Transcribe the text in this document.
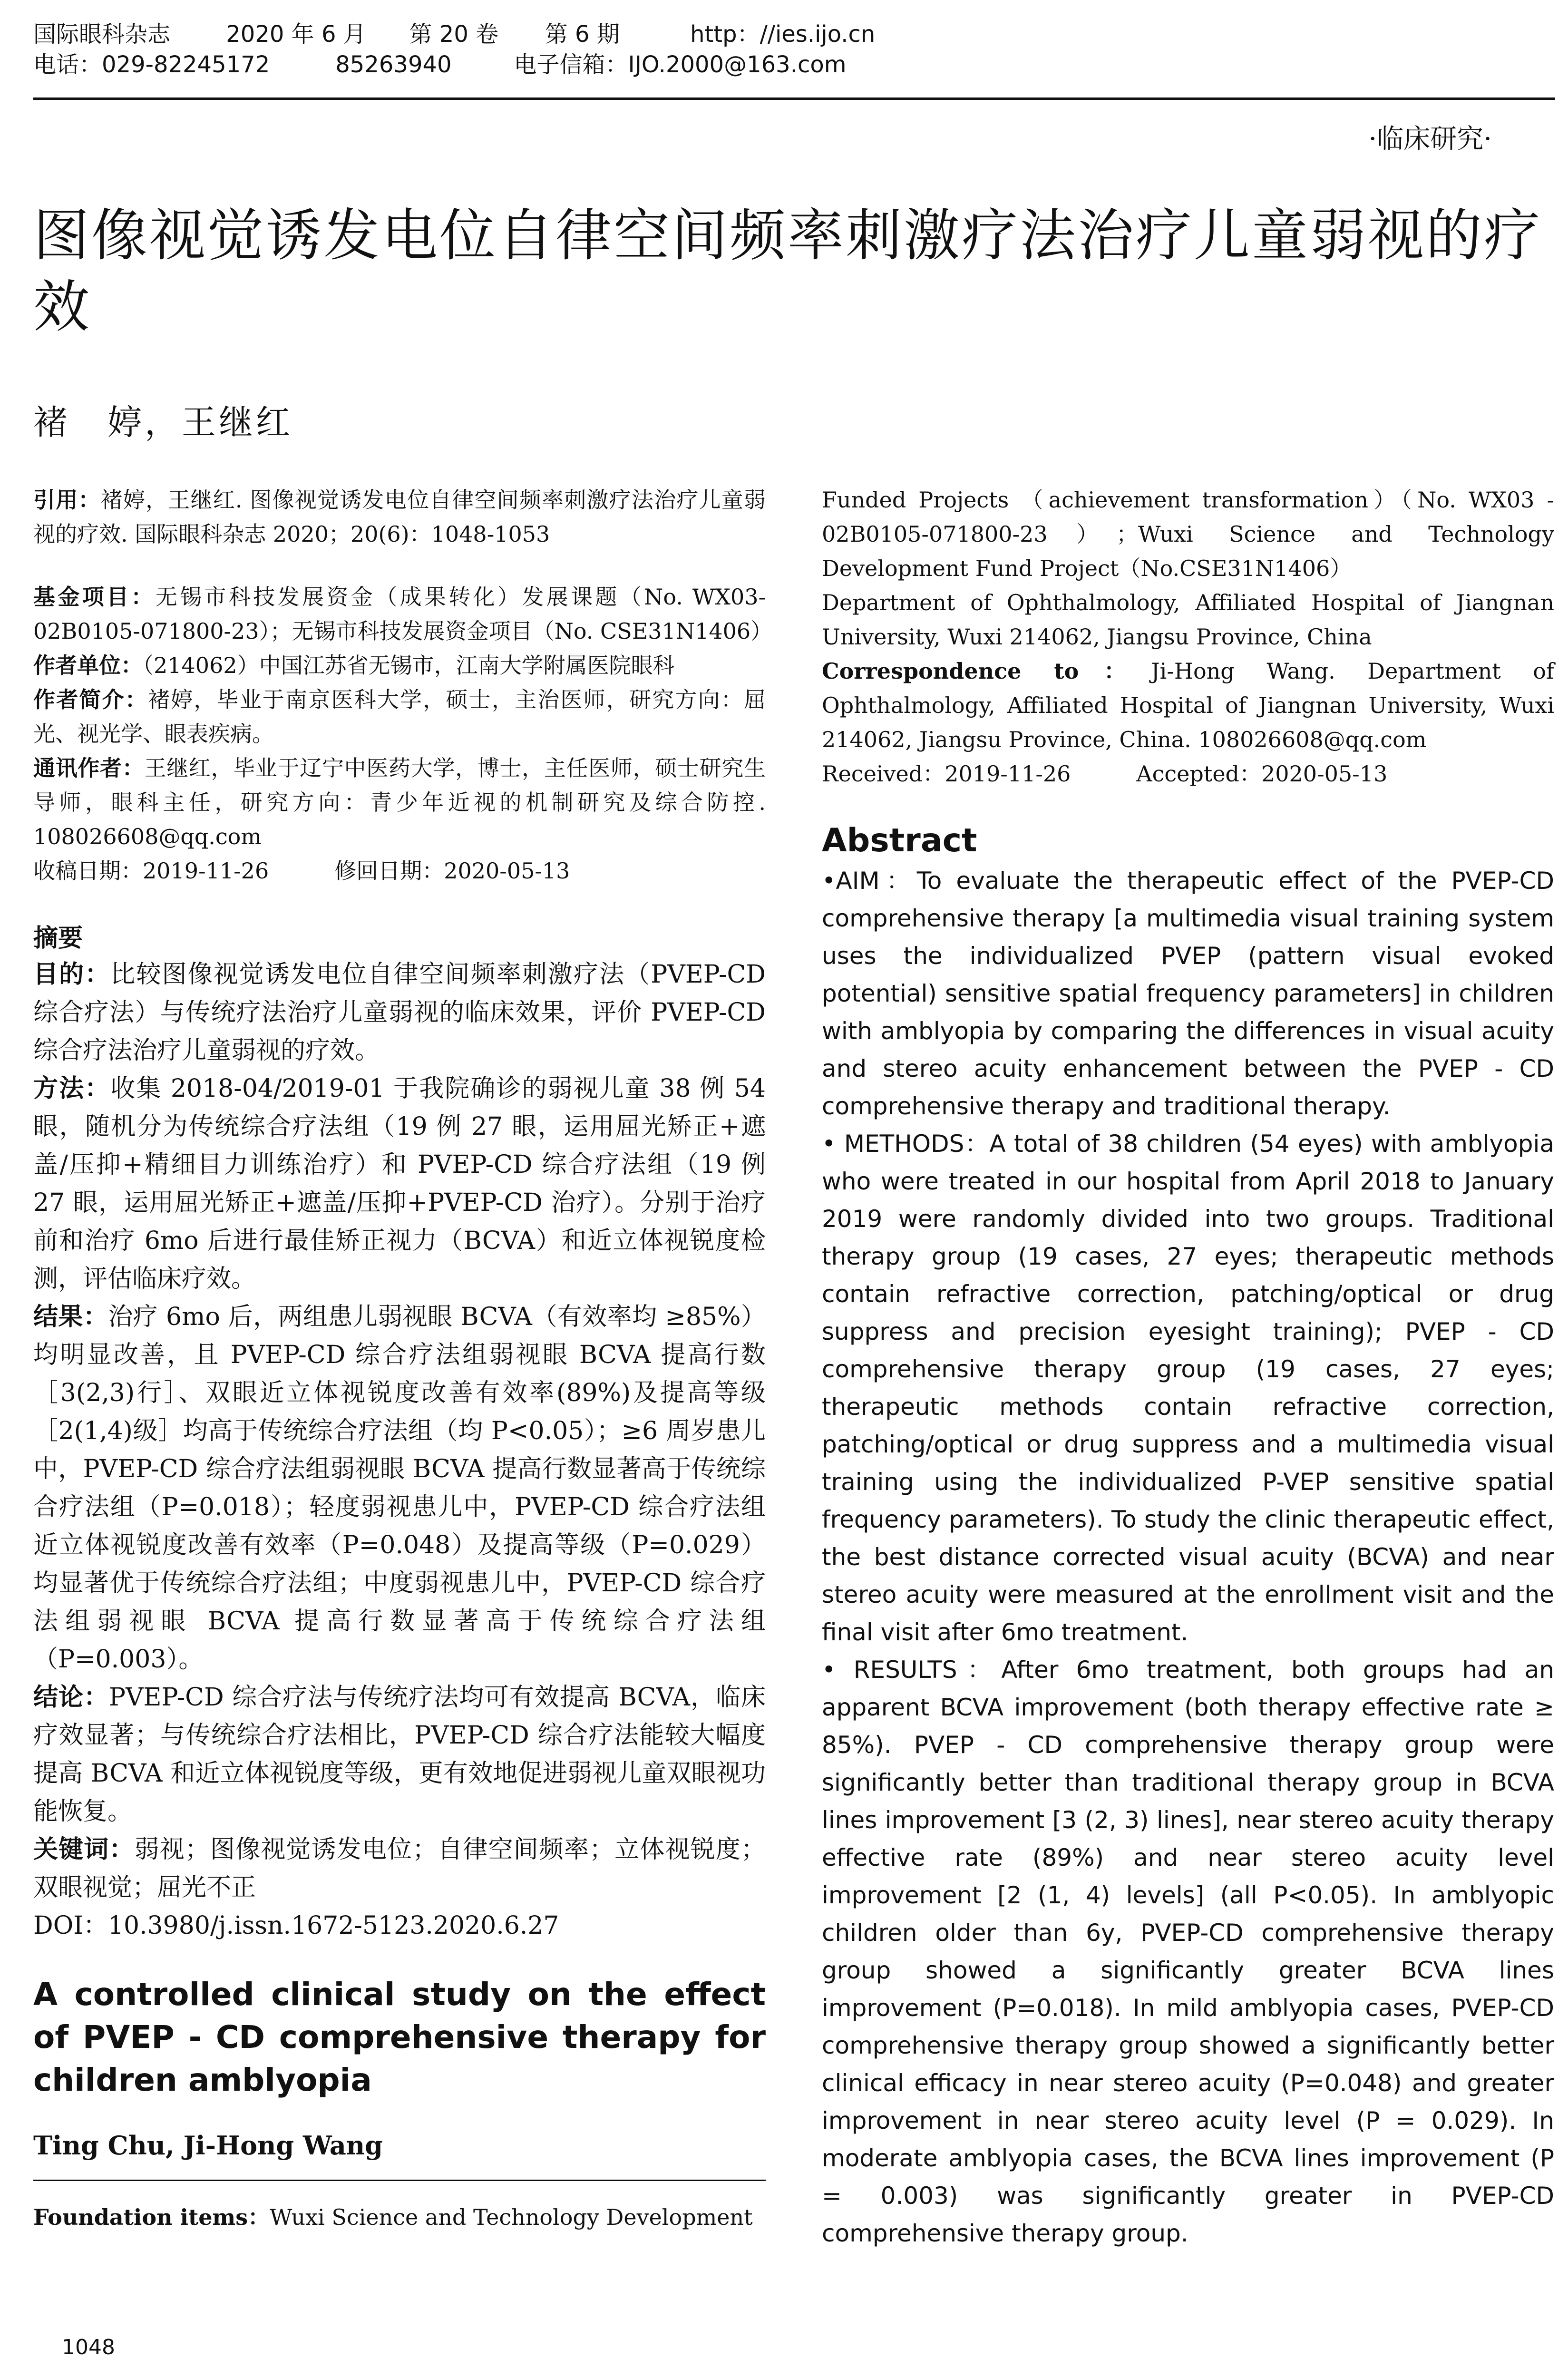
国际眼科杂志 2020 年 6 月 第 20 卷 第 6 期	http：//ies.ijo.cn
电话：029-82245172	85263940	电子信箱：IJO.2000@163.com
·临床研究·
图像视觉诱发电位自律空间频率刺激疗法治疗儿童弱视的疗效
褚　婷，王继红

引用：褚婷，王继红. 图像视觉诱发电位自律空间频率刺激疗法治疗儿童弱视的疗效. 国际眼科杂志 2020；20(6)：1048-1053

基金项目：无锡市科技发展资金（成果转化）发展课题（No. WX03-02B0105-071800-23）；无锡市科技发展资金项目（No. CSE31N1406）

作者单位：（214062）中国江苏省无锡市，江南大学附属医院眼科

作者简介：褚婷，毕业于南京医科大学，硕士，主治医师，研究方向：屈光、视光学、眼表疾病。

通讯作者：王继红，毕业于辽宁中医药大学，博士，主任医师，硕士研究生导师，眼科主任，研究方向：青少年近视的机制研究及综合防控. 108026608@qq.com

收稿日期：2019-11-26　　　修回日期：2020-05-13

摘要

目的：比较图像视觉诱发电位自律空间频率刺激疗法（PVEP-CD 综合疗法）与传统疗法治疗儿童弱视的临床效果，评价 PVEP-CD 综合疗法治疗儿童弱视的疗效。

方法：收集 2018-04/2019-01 于我院确诊的弱视儿童 38 例 54 眼，随机分为传统综合疗法组（19 例 27 眼，运用屈光矫正+遮盖/压抑+精细目力训练治疗）和 PVEP-CD 综合疗法组（19 例 27 眼，运用屈光矫正+遮盖/压抑+PVEP-CD 治疗）。分别于治疗前和治疗 6mo 后进行最佳矫正视力（BCVA）和近立体视锐度检测，评估临床疗效。

结果：治疗 6mo 后，两组患儿弱视眼 BCVA（有效率均 ≥85%）均明显改善，且 PVEP-CD 综合疗法组弱视眼 BCVA 提高行数［3(2,3)行］、双眼近立体视锐度改善有效率(89%)及提高等级［2(1,4)级］均高于传统综合疗法组（均 P<0.05）；≥6 周岁患儿中，PVEP-CD 综合疗法组弱视眼 BCVA 提高行数显著高于传统综合疗法组（P=0.018）；轻度弱视患儿中，PVEP-CD 综合疗法组近立体视锐度改善有效率（P=0.048）及提高等级（P=0.029）均显著优于传统综合疗法组；中度弱视患儿中，PVEP-CD 综合疗法组弱视眼 BCVA 提高行数显著高于传统综合疗法组（P=0.003）。

结论：PVEP-CD 综合疗法与传统疗法均可有效提高 BCVA，临床疗效显著；与传统综合疗法相比，PVEP-CD 综合疗法能较大幅度提高 BCVA 和近立体视锐度等级，更有效地促进弱视儿童双眼视功能恢复。

关键词：弱视；图像视觉诱发电位；自律空间频率；立体视锐度；双眼视觉；屈光不正

DOI：10.3980/j.issn.1672-5123.2020.6.27

A controlled clinical study on the effect of PVEP - CD comprehensive therapy for children amblyopia
Ting Chu, Ji-Hong Wang
Foundation items：Wuxi Science and Technology Development

Funded Projects （achievement transformation）（No. WX03 - 02B0105-071800-23）；Wuxi Science and Technology Development Fund Project（No.CSE31N1406）

Department of Ophthalmology, Affiliated Hospital of Jiangnan University, Wuxi 214062, Jiangsu Province, China

Correspondence to：Ji-Hong Wang. Department of Ophthalmology, Affiliated Hospital of Jiangnan University, Wuxi 214062, Jiangsu Province, China. 108026608@qq.com

Received：2019-11-26　　　Accepted：2020-05-13

Abstract

•AIM：To evaluate the therapeutic effect of the PVEP-CD comprehensive therapy [a multimedia visual training system uses the individualized PVEP (pattern visual evoked potential) sensitive spatial frequency parameters] in children with amblyopia by comparing the differences in visual acuity and stereo acuity enhancement between the PVEP - CD comprehensive therapy and traditional therapy.

• METHODS：A total of 38 children (54 eyes) with amblyopia who were treated in our hospital from April 2018 to January 2019 were randomly divided into two groups. Traditional therapy group (19 cases, 27 eyes; therapeutic methods contain refractive correction, patching/optical or drug suppress and precision eyesight training); PVEP - CD comprehensive therapy group (19 cases, 27 eyes; therapeutic methods contain refractive correction, patching/optical or drug suppress and a multimedia visual training using the individualized P-VEP sensitive spatial frequency parameters). To study the clinic therapeutic effect, the best distance corrected visual acuity (BCVA) and near stereo acuity were measured at the enrollment visit and the final visit after 6mo treatment.

• RESULTS：After 6mo treatment, both groups had an apparent BCVA improvement (both therapy effective rate ≥ 85%). PVEP - CD comprehensive therapy group were significantly better than traditional therapy group in BCVA lines improvement [3 (2, 3) lines], near stereo acuity therapy effective rate (89%) and near stereo acuity level improvement [2 (1, 4) levels] (all P<0.05). In amblyopic children older than 6y, PVEP-CD comprehensive therapy group showed a significantly greater BCVA lines improvement (P=0.018). In mild amblyopia cases, PVEP-CD comprehensive therapy group showed a significantly better clinical efficacy in near stereo acuity (P=0.048) and greater improvement in near stereo acuity level (P = 0.029). In moderate amblyopia cases, the BCVA lines improvement (P = 0.003) was significantly greater in PVEP-CD comprehensive therapy group.

1048
